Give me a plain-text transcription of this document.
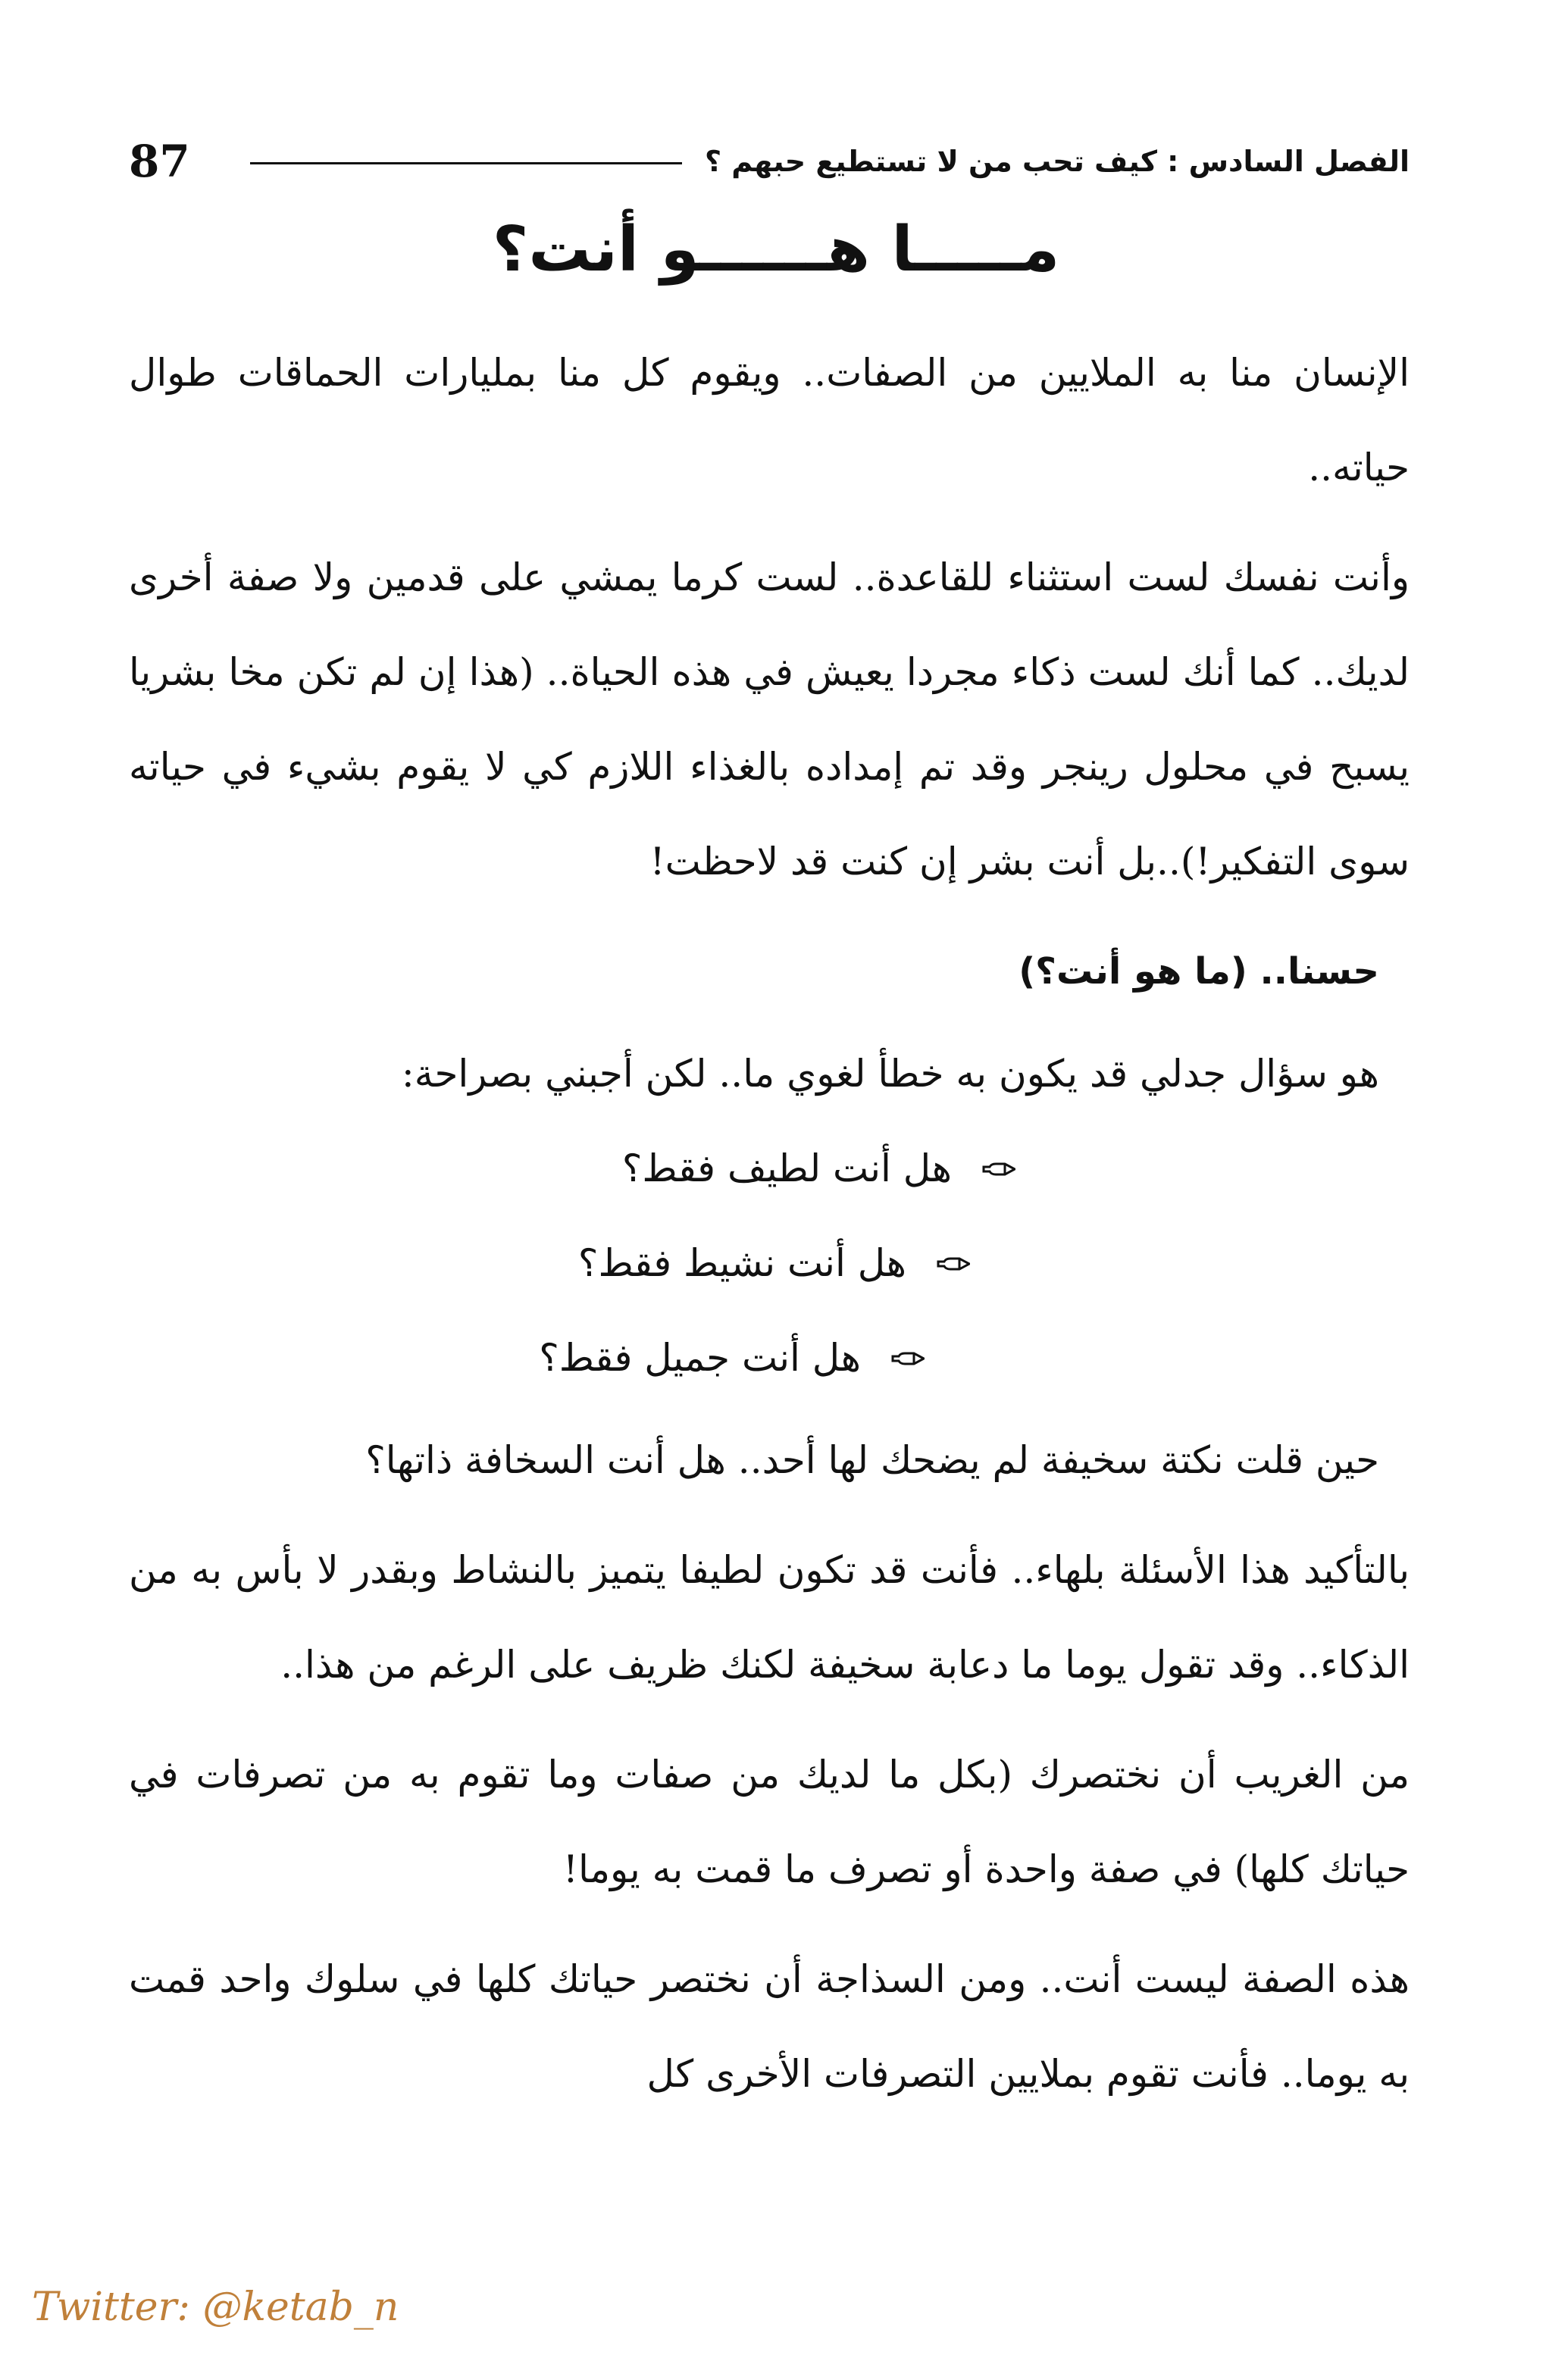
87	الفصل السادس : كيف تحب من لا تستطيع حبهم ؟
مـــــا هــــــو أنت؟

الإنسان منا به الملايين من الصفات.. ويقوم كل منا بمليارات الحماقات طوال حياته..

وأنت نفسك لست استثناء للقاعدة.. لست كرما يمشي على قدمين ولا صفة أخرى لديك.. كما أنك لست ذكاء مجردا يعيش في هذه الحياة.. (هذا إن لم تكن مخا بشريا يسبح في محلول رينجر وقد تم إمداده بالغذاء اللازم كي لا يقوم بشيء في حياته سوى التفكير!)..بل أنت بشر إن كنت قد لاحظت!

حسنا.. (ما هو أنت؟)

هو سؤال جدلي قد يكون به خطأ لغوي ما.. لكن أجبني بصراحة:

هل أنت لطيف فقط؟
هل أنت نشيط فقط؟
هل أنت جميل فقط؟

حين قلت نكتة سخيفة لم يضحك لها أحد.. هل أنت السخافة ذاتها؟

بالتأكيد هذا الأسئلة بلهاء.. فأنت قد تكون لطيفا يتميز بالنشاط وبقدر لا بأس به من الذكاء.. وقد تقول يوما ما دعابة سخيفة لكنك ظريف على الرغم من هذا..

من الغريب أن نختصرك (بكل ما لديك من صفات وما تقوم به من تصرفات في حياتك كلها) في صفة واحدة أو تصرف ما قمت به يوما!

هذه الصفة ليست أنت.. ومن السذاجة أن نختصر حياتك كلها في سلوك واحد قمت به يوما.. فأنت تقوم بملايين التصرفات الأخرى كل

Twitter: @ketab_n
